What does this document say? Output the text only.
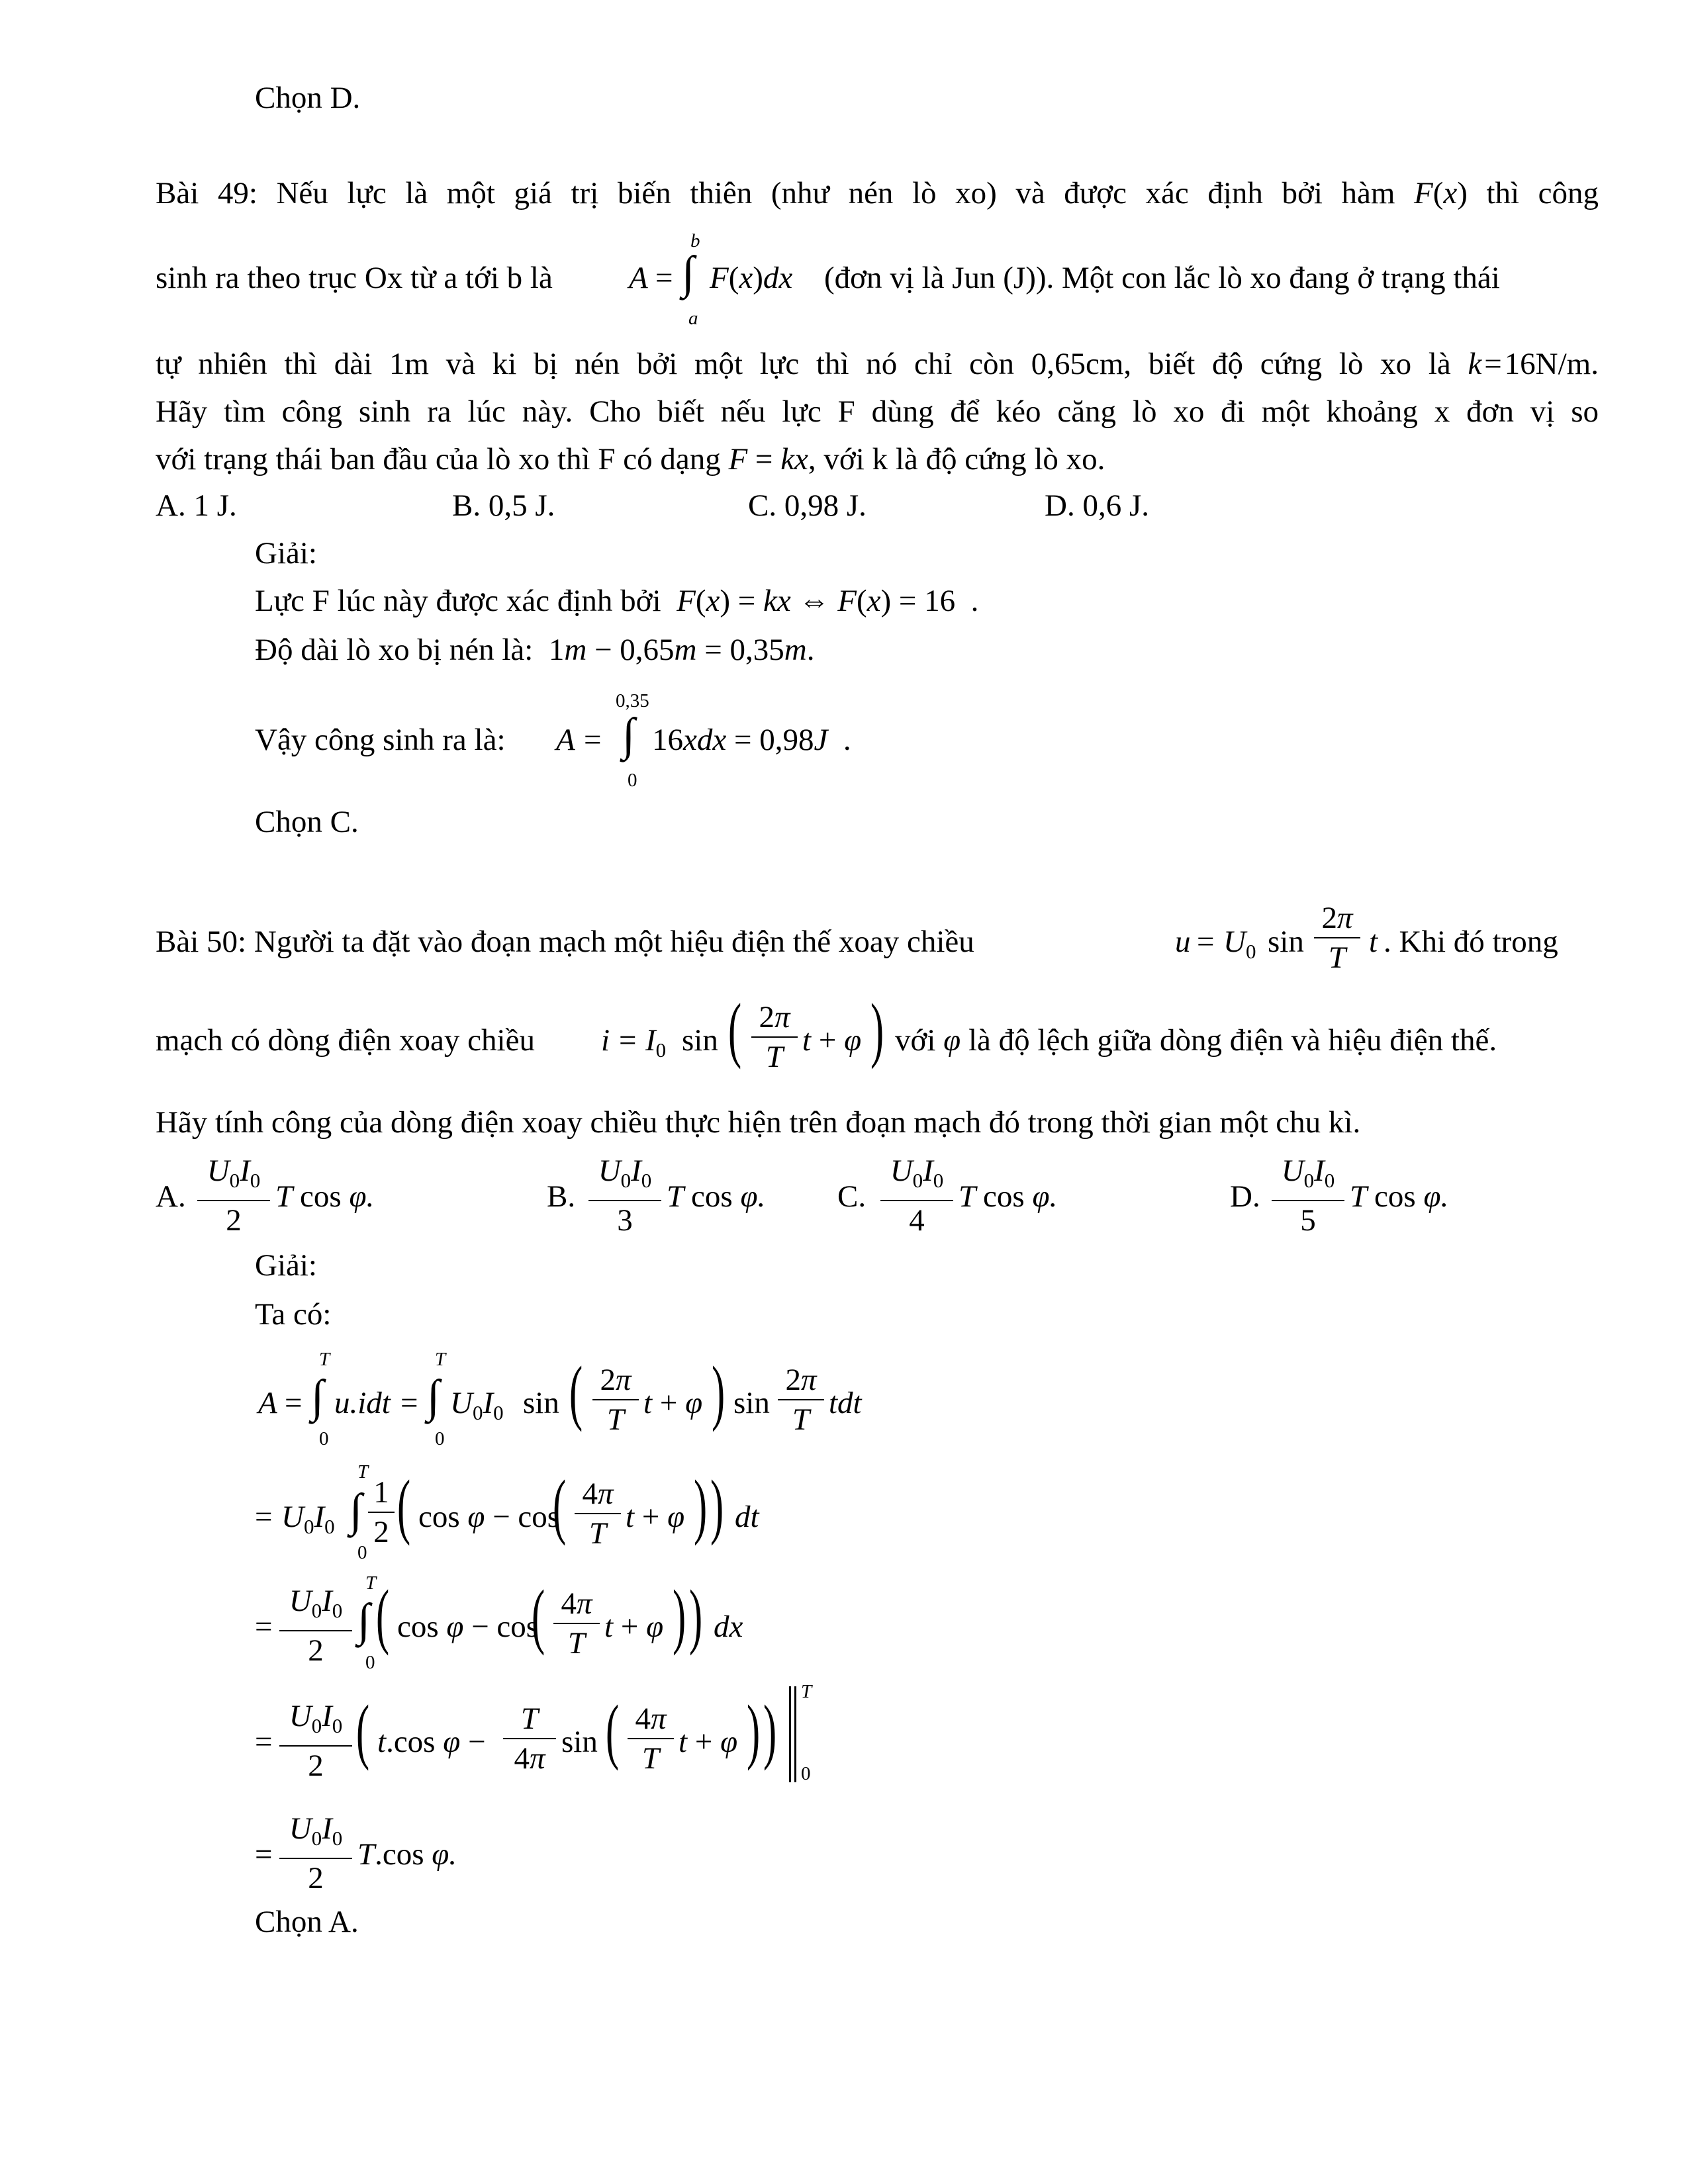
Chọn D.
Bài 49: Nếu lực là một giá trị biến thiên (như nén lò xo) và được xác định bởi hàm F(x) thì công
sinh ra theo trục Ox từ a tới b là A = ∫
b
a
F(x)dx (đơn vị là Jun (J)). Một con lắc lò xo đang ở trạng thái
tự nhiên thì dài 1m và ki bị nén bởi một lực thì nó chỉ còn 0,65cm, biết độ cứng lò xo là k = 16N/m.
Hãy tìm công sinh ra lúc này. Cho biết nếu lực F dùng để kéo căng lò xo đi một khoảng x đơn vị so
với trạng thái ban đầu của lò xo thì F có dạng F = kx, với k là độ cứng lò xo.
A. 1 J.	B. 0,5 J.	C. 0,98 J.	D. 0,6 J.
Giải:
Lực F lúc này được xác định bởi  F(x) = kx ⇔ F(x) = 16  .
Độ dài lò xo bị nén là:  1m − 0,65m = 0,35m.
Vậy công sinh ra là: A = ∫
0,35
0
16xdx = 0,98J  .
Chọn C.
Bài 50: Người ta đặt vào đoạn mạch một hiệu điện thế xoay chiều	$u = U_0$ $\sin \frac{2\pi}{T}$ t . Khi đó trong
mạch có dòng điện xoay chiều $i = I_0$ sin ( $\frac{2\pi}{T}$ t + φ ) với φ là độ lệch giữa dòng điện và hiệu điện thế.
Hãy tính công của dòng điện xoay chiều thực hiện trên đoạn mạch đó trong thời gian một chu kì.
A. $\frac{U_0I_0}{2}$ T cos φ.	B. $\frac{U_0I_0}{3}$ T cos φ. C. $\frac{U_0I_0}{4}$ T cos φ.	D. $\frac{U_0I_0}{5}$ T cos φ.
Giải:
Ta có:
A = ∫
T
0
u.idt = ∫
T
0
$U_0I_0$ sin ( $\frac{2\pi}{T}$ t + φ ) $\sin \frac{2\pi}{T}$ tdt
= $U_0I_0$ ∫
T
0
$\frac{1}{2}$ ( cos φ − cos
( $\frac{4\pi}{T}$ t + φ ) ) dt
= $\frac{U_0I_0}{2}$ ∫
T
0
( cos φ − cos
( $\frac{4\pi}{T}$ t + φ ) ) dx
= $\frac{U_0I_0}{2}$ ( t.cos $\varphi - \frac{T}{4\pi}$ sin ( $\frac{4\pi}{T}$ t + φ ) ) T
0
= $\frac{U_0I_0}{2} T.\cos$ φ.
Chọn A.
